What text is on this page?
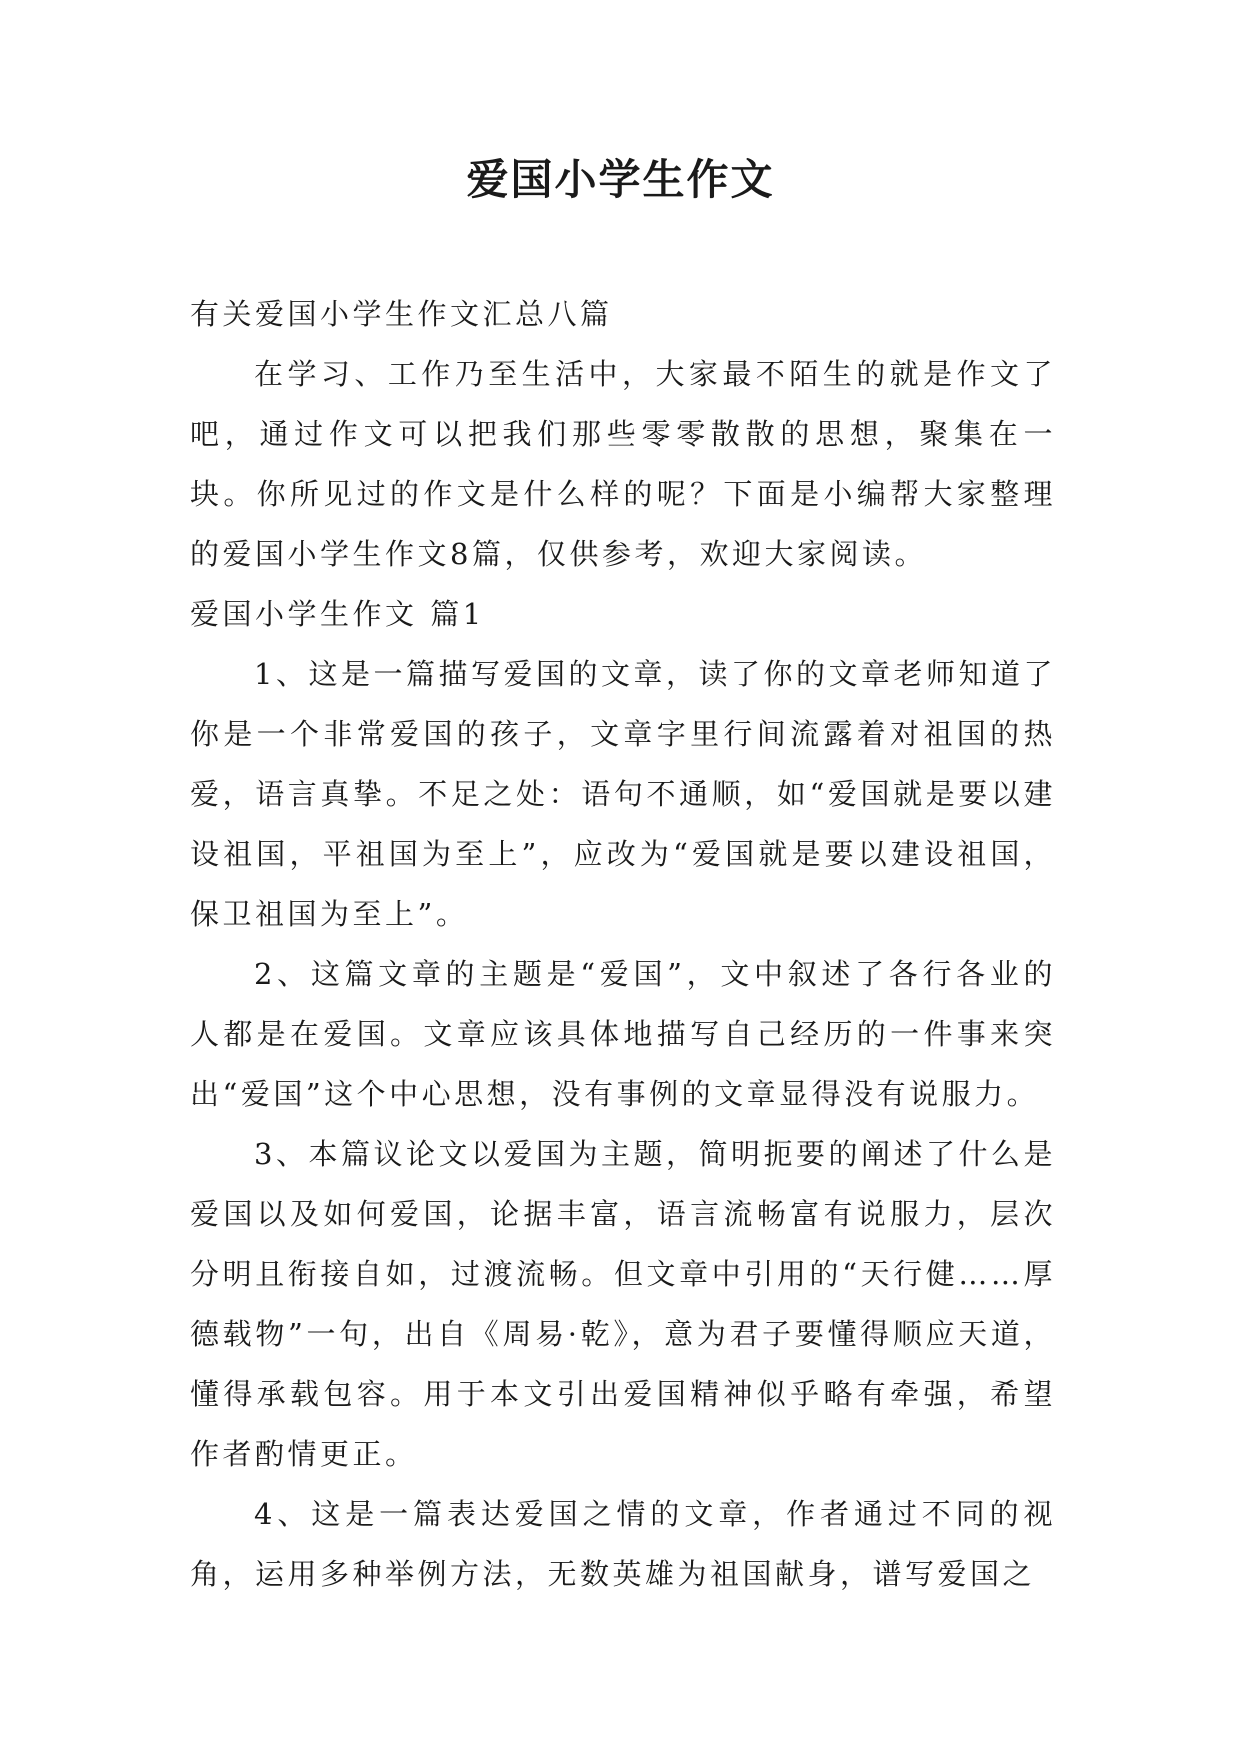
爱国小学生作文

有关爱国小学生作文汇总八篇

在学习、工作乃至生活中，大家最不陌生的就是作文了吧，通过作文可以把我们那些零零散散的思想，聚集在一块。你所见过的作文是什么样的呢？下面是小编帮大家整理的爱国小学生作文8篇，仅供参考，欢迎大家阅读。

爱国小学生作文 篇1

1、这是一篇描写爱国的文章，读了你的文章老师知道了你是一个非常爱国的孩子，文章字里行间流露着对祖国的热爱，语言真挚。不足之处：语句不通顺，如“爱国就是要以建设祖国，平祖国为至上”，应改为“爱国就是要以建设祖国，保卫祖国为至上”。

2、这篇文章的主题是“爱国”，文中叙述了各行各业的人都是在爱国。文章应该具体地描写自己经历的一件事来突出“爱国”这个中心思想，没有事例的文章显得没有说服力。

3、本篇议论文以爱国为主题，简明扼要的阐述了什么是爱国以及如何爱国，论据丰富，语言流畅富有说服力，层次分明且衔接自如，过渡流畅。但文章中引用的“天行健……厚德载物”一句，出自《周易·乾》，意为君子要懂得顺应天道，懂得承载包容。用于本文引出爱国精神似乎略有牵强，希望作者酌情更正。

4、这是一篇表达爱国之情的文章，作者通过不同的视角，运用多种举例方法，无数英雄为祖国献身，谱写爱国之
